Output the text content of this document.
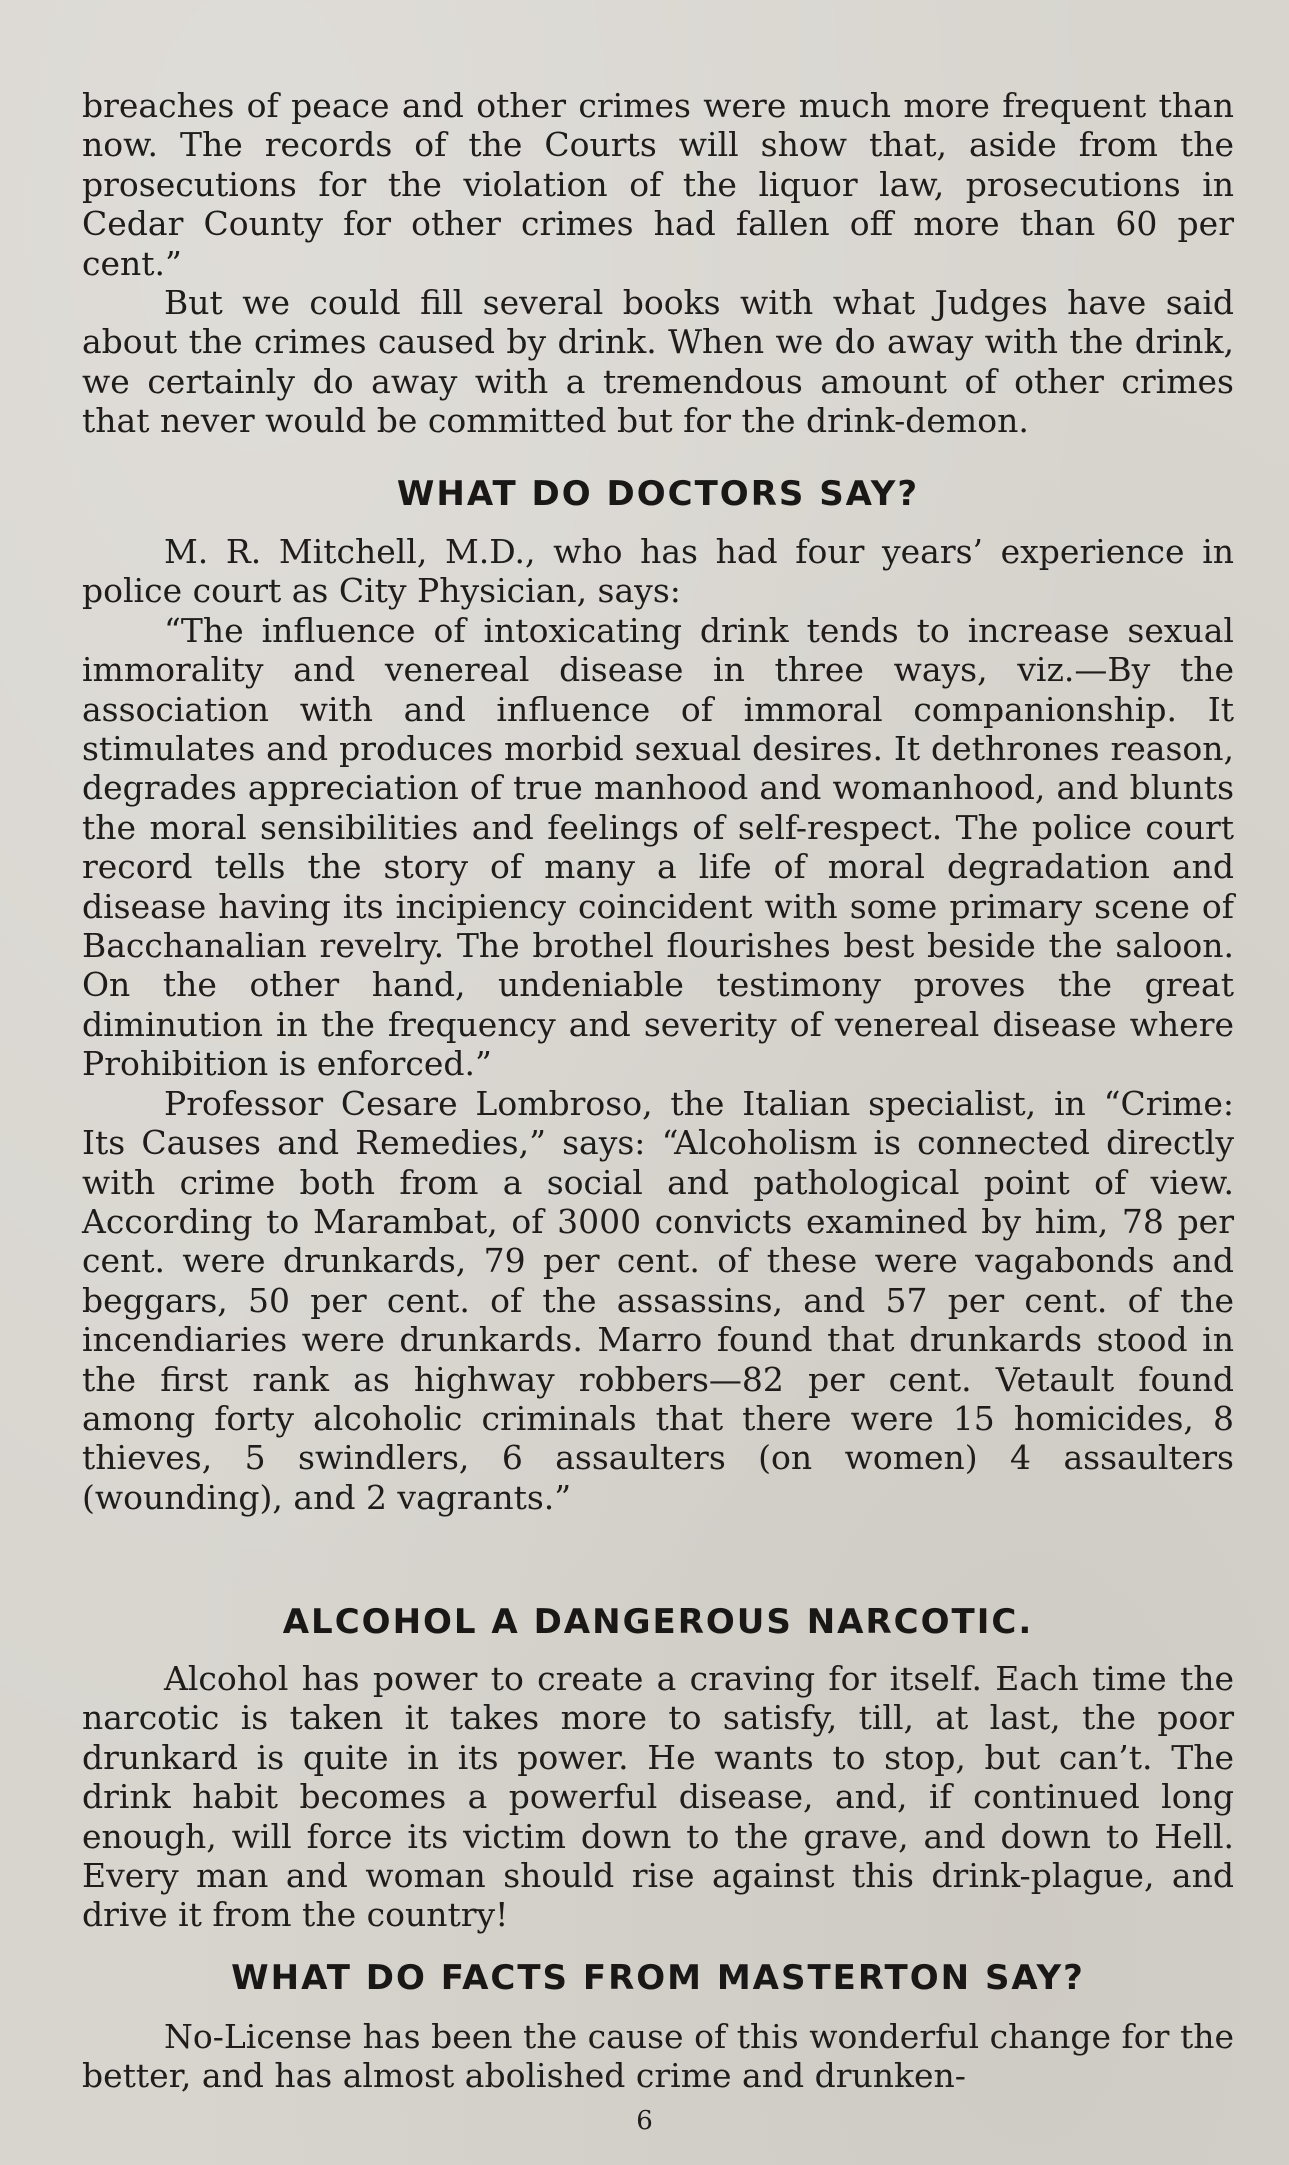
breaches of peace and other crimes were much more frequent than now. The records of the Courts will show that, aside from the prosecutions for the violation of the liquor law, prosecutions in Cedar County for other crimes had fallen off more than 60 per cent.”

But we could fill several books with what Judges have said about the crimes caused by drink. When we do away with the drink, we certainly do away with a tremendous amount of other crimes that never would be committed but for the drink-demon.

WHAT DO DOCTORS SAY?

M. R. Mitchell, M.D., who has had four years’ experience in police court as City Physician, says:

“The influence of intoxicating drink tends to increase sexual immorality and venereal disease in three ways, viz.—By the association with and influence of immoral companionship. It stimulates and produces morbid sexual desires. It dethrones reason, degrades appreciation of true manhood and womanhood, and blunts the moral sensibilities and feelings of self-respect. The police court record tells the story of many a life of moral degradation and disease having its incipiency coincident with some primary scene of Bacchanalian revelry. The brothel flourishes best beside the saloon. On the other hand, undeniable testimony proves the great diminution in the frequency and severity of venereal disease where Prohibition is enforced.”

Professor Cesare Lombroso, the Italian specialist, in “Crime: Its Causes and Remedies,” says: “Alcoholism is connected directly with crime both from a social and pathological point of view. According to Marambat, of 3000 convicts examined by him, 78 per cent. were drunkards, 79 per cent. of these were vagabonds and beggars, 50 per cent. of the assassins, and 57 per cent. of the incendiaries were drunkards. Marro found that drunkards stood in the first rank as highway robbers—82 per cent. Vetault found among forty alcoholic criminals that there were 15 homicides, 8 thieves, 5 swindlers, 6 assaulters (on women) 4 assaulters (wounding), and 2 vagrants.”

ALCOHOL A DANGEROUS NARCOTIC.

Alcohol has power to create a craving for itself. Each time the narcotic is taken it takes more to satisfy, till, at last, the poor drunkard is quite in its power. He wants to stop, but can’t. The drink habit becomes a powerful disease, and, if continued long enough, will force its victim down to the grave, and down to Hell. Every man and woman should rise against this drink-plague, and drive it from the country!

WHAT DO FACTS FROM MASTERTON SAY?

No-License has been the cause of this wonderful change for the better, and has almost abolished crime and drunken-

6
